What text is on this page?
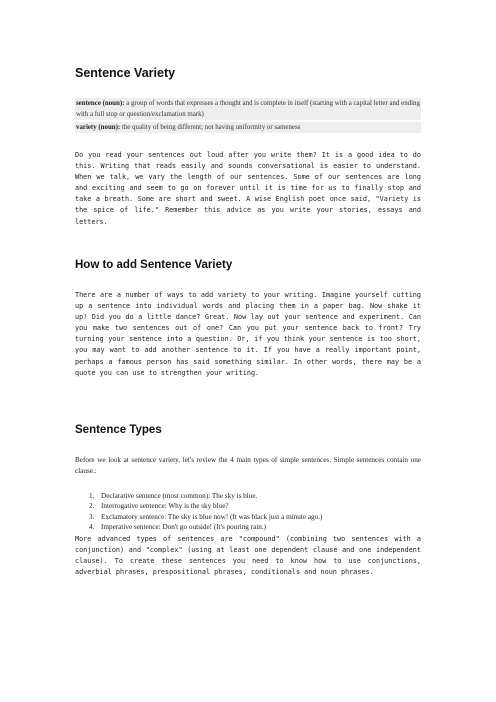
Sentence Variety
sentence (noun): a group of words that expresses a thought and is complete in itself (starting with a capital letter and ending with a full stop or question/exclamation mark)
variety (noun): the quality of being different; not having uniformity or sameness

Do you read your sentences out loud after you write them? It is a good idea to do this. Writing that reads easily and sounds conversational is easier to understand. When we talk, we vary the length of our sentences. Some of our sentences are long and exciting and seem to go on forever until it is time for us to finally stop and take a breath. Some are short and sweet. A wise English poet once said, "Variety is the spice of life." Remember this advice as you write your stories, essays and letters.

How to add Sentence Variety

There are a number of ways to add variety to your writing. Imagine yourself cutting up a sentence into individual words and placing them in a paper bag. Now shake it up! Did you do a little dance? Great. Now lay out your sentence and experiment. Can you make two sentences out of one? Can you put your sentence back to front? Try turning your sentence into a question. Or, if you think your sentence is too short, you may want to add another sentence to it. If you have a really important point, perhaps a famous person has said something similar. In other words, there may be a quote you can use to strengthen your writing.

Sentence Types

Before we look at sentence variety, let's review the 4 main types of simple sentences. Simple sentences contain one clause.:

1. Declarative sentence (most common): The sky is blue.
2. Interrogative sentence: Why is the sky blue?
3. Exclamatory sentence: The sky is blue now! (It was black just a minute ago.)
4. Imperative sentence: Don't go outside! (It's pouring rain.)

More advanced types of sentences are "compound" (combining two sentences with a conjunction) and "complex" (using at least one dependent clause and one independent clause). To create these sentences you need to know how to use conjunctions, adverbial phrases, prespositional phrases, conditionals and noun phrases.
